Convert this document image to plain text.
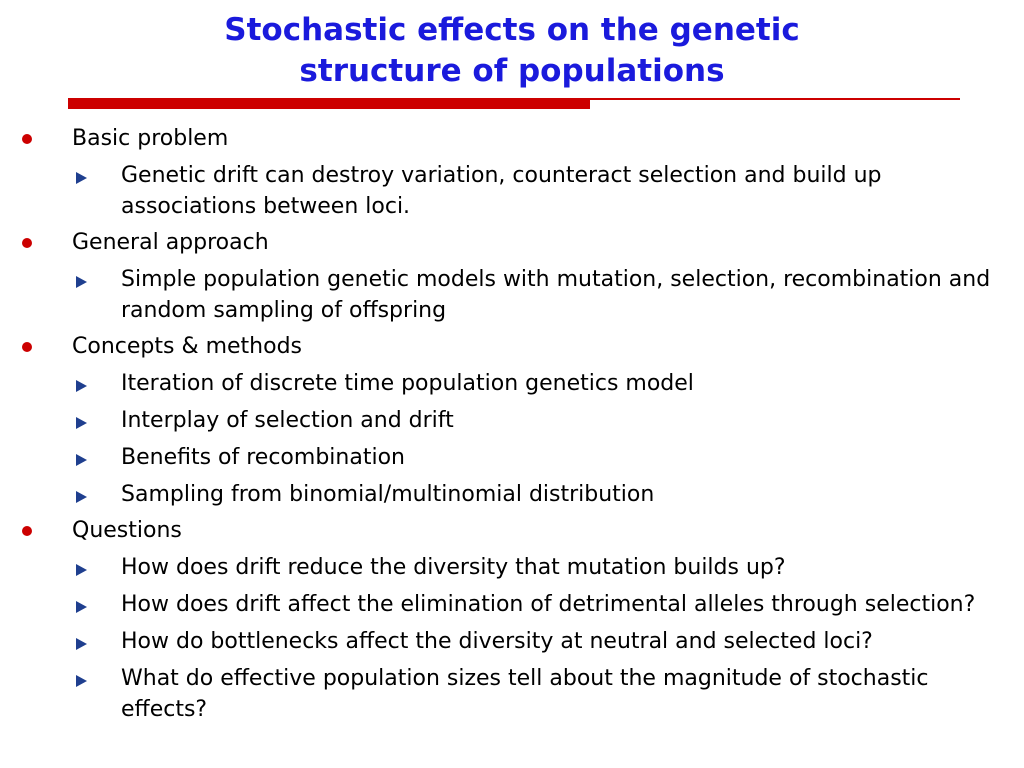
Stochastic effects on the genetic
structure of populations
Basic problem
Genetic drift can destroy variation, counteract selection and build up associations between loci.
General approach
Simple population genetic models with mutation, selection, recombination and random sampling of offspring
Concepts & methods
Iteration of discrete time population genetics model
Interplay of selection and drift
Benefits of recombination
Sampling from binomial/multinomial distribution
Questions
How does drift reduce the diversity that mutation builds up?
How does drift affect the elimination of detrimental alleles through selection?
How do bottlenecks affect the diversity at neutral and selected loci?
What do effective population sizes tell about the magnitude of stochastic effects?
